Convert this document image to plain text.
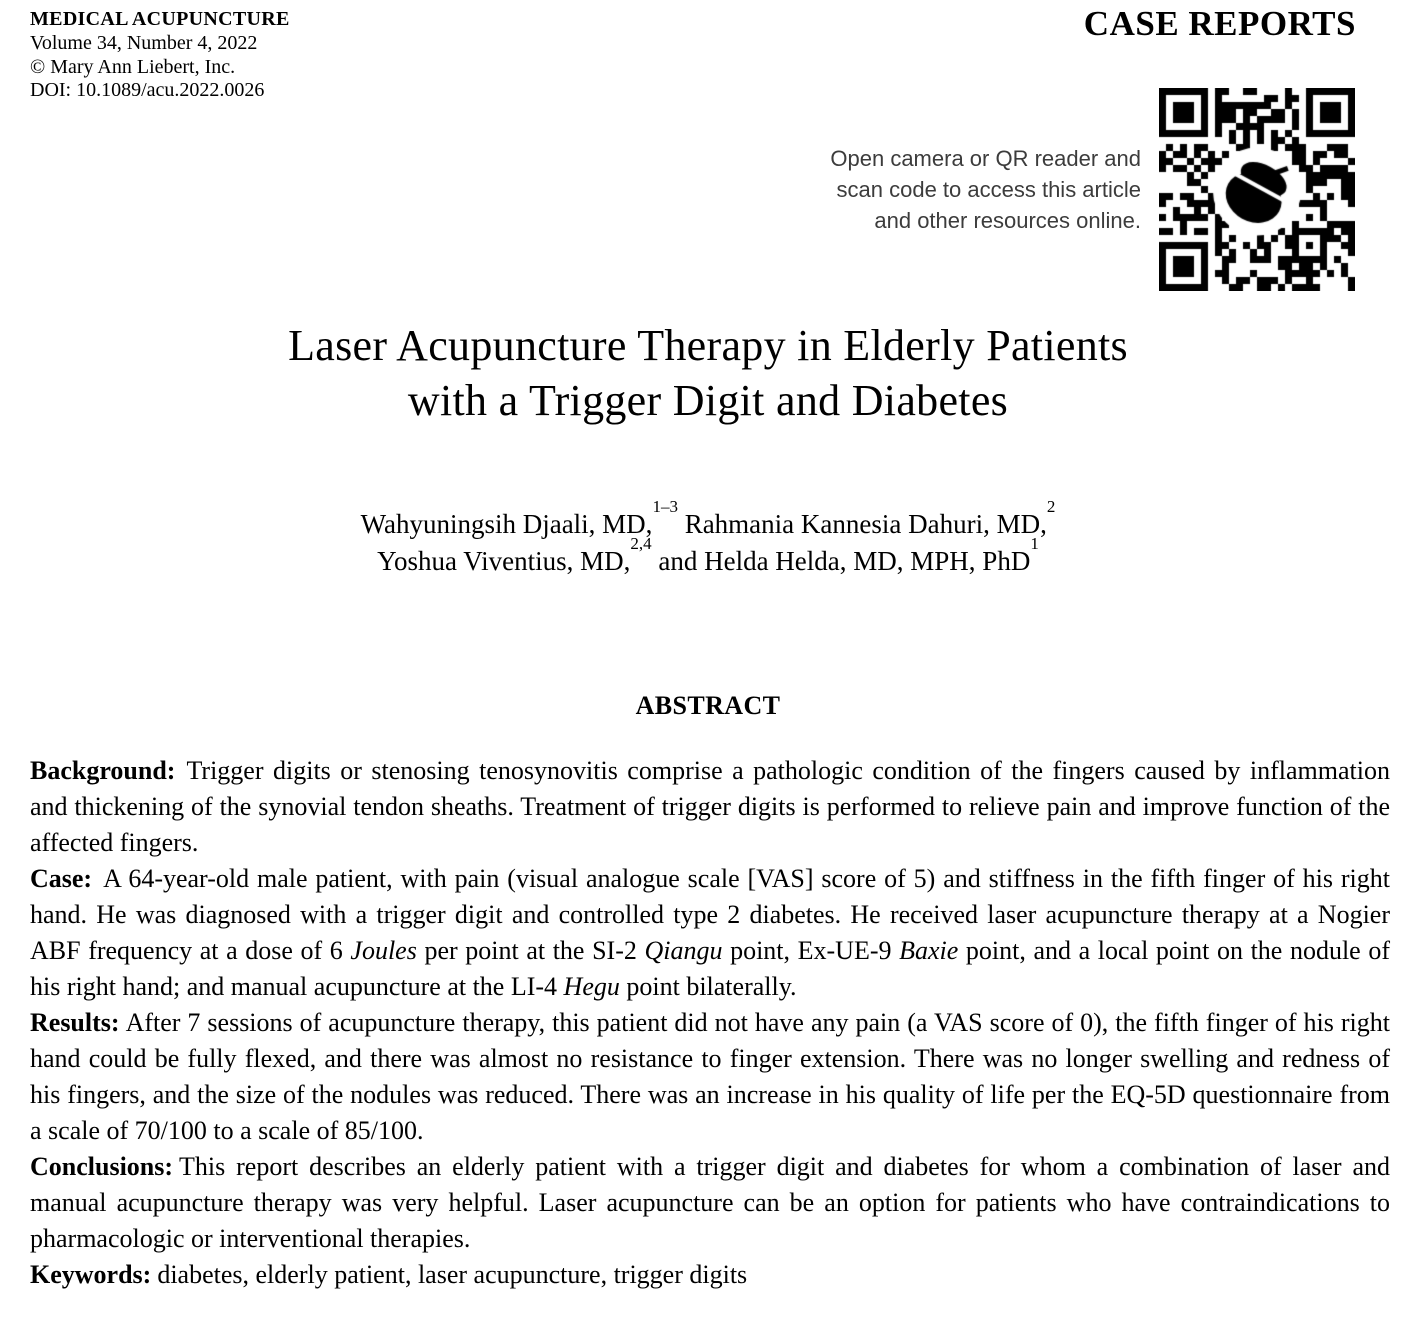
MEDICAL ACUPUNCTURE
Volume 34, Number 4, 2022
© Mary Ann Liebert, Inc.
DOI: 10.1089/acu.2022.0026
CASE REPORTS
Open camera or QR reader and
scan code to access this article
and other resources online.
Laser Acupuncture Therapy in Elderly Patients
with a Trigger Digit and Diabetes
Wahyuningsih Djaali, MD,$^{1-3}$ Rahmania Kannesia Dahuri, MD,$^2$
Yoshua Viventius, MD,$^{2,4}$ and Helda Helda, MD, MPH, PhD$^1$
ABSTRACT

Background: Trigger digits or stenosing tenosynovitis comprise a pathologic condition of the fingers caused by inflammation and thickening of the synovial tendon sheaths. Treatment of trigger digits is performed to relieve pain and improve function of the affected fingers.

Case: A 64-year-old male patient, with pain (visual analogue scale [VAS] score of 5) and stiffness in the fifth finger of his right hand. He was diagnosed with a trigger digit and controlled type 2 diabetes. He received laser acupuncture therapy at a Nogier ABF frequency at a dose of 6 Joules per point at the SI-2 Qiangu point, Ex-UE-9 Baxie point, and a local point on the nodule of his right hand; and manual acupuncture at the LI-4 Hegu point bilaterally.

Results: After 7 sessions of acupuncture therapy, this patient did not have any pain (a VAS score of 0), the fifth finger of his right hand could be fully flexed, and there was almost no resistance to finger extension. There was no longer swelling and redness of his fingers, and the size of the nodules was reduced. There was an increase in his quality of life per the EQ-5D questionnaire from a scale of 70/100 to a scale of 85/100.

Conclusions: This report describes an elderly patient with a trigger digit and diabetes for whom a combination of laser and manual acupuncture therapy was very helpful. Laser acupuncture can be an option for patients who have contraindications to pharmacologic or interventional therapies.

Keywords: diabetes, elderly patient, laser acupuncture, trigger digits
